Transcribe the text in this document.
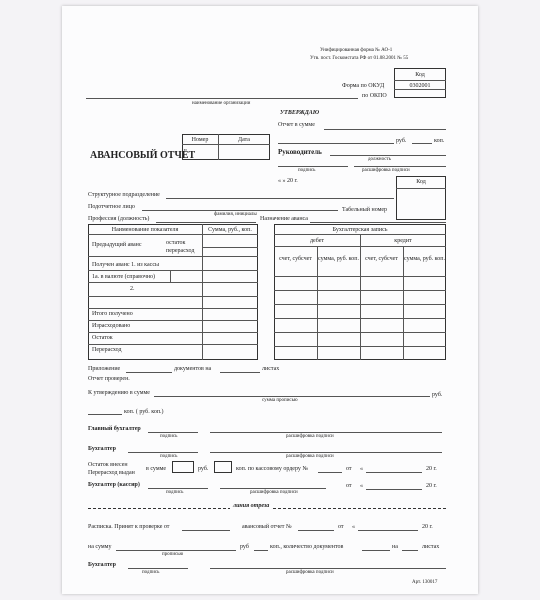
Унифицированная форма № АО-1
Утв. пост. Госкомстата РФ от 01.08.2001 № 55
Код
0302001
Форма по ОКУД
по ОКПО
наименование организации
УТВЕРЖДАЮ
Отчет в сумме
руб.	коп.
Руководитель
должность
подпись	расшифровка подписи
« » 20 г.
Номер	Дата
АВАНСОВЫЙ ОТЧЁТ
Код
Структурное подразделение
Подотчетное лицо
фамилия, инициалы
Табельный номер
Профессия (должность)	Назначение аванса
Наименование показателя	Сумма, руб., коп.
Предыдущий аванс	остаток
перерасход
Получен аванс 1. из кассы
1а. в валюте (справочно)
2.
Итого получено
Израсходовано
Остаток
Перерасход
Бухгалтерская запись
дебет	кредит
счет, субсчет	сумма, руб. коп.	счет, субсчет	сумма, руб. коп.
Приложение	документов на	листах
Отчет проверен.
К утверждению в сумме	руб.
сумма прописью
коп. ( руб. коп.)
Главный бухгалтер
подпись	расшифровка подписи
Бухгалтер
подпись	расшифровка подписи
Остаток внесен
Перерасход выдан
в сумме	руб.	коп. по кассовому ордеру №	от «	20 г.
Бухгалтер (кассир)
подпись	расшифровка подписи
от «	20 г.
линия отреза
Расписка. Принят к проверке от	авансовый отчет №	от «	20 г.
на сумму
прописью
руб	коп., количество документов	на	листах
Бухгалтер
подпись	расшифровка подписи
Арт. 130017
